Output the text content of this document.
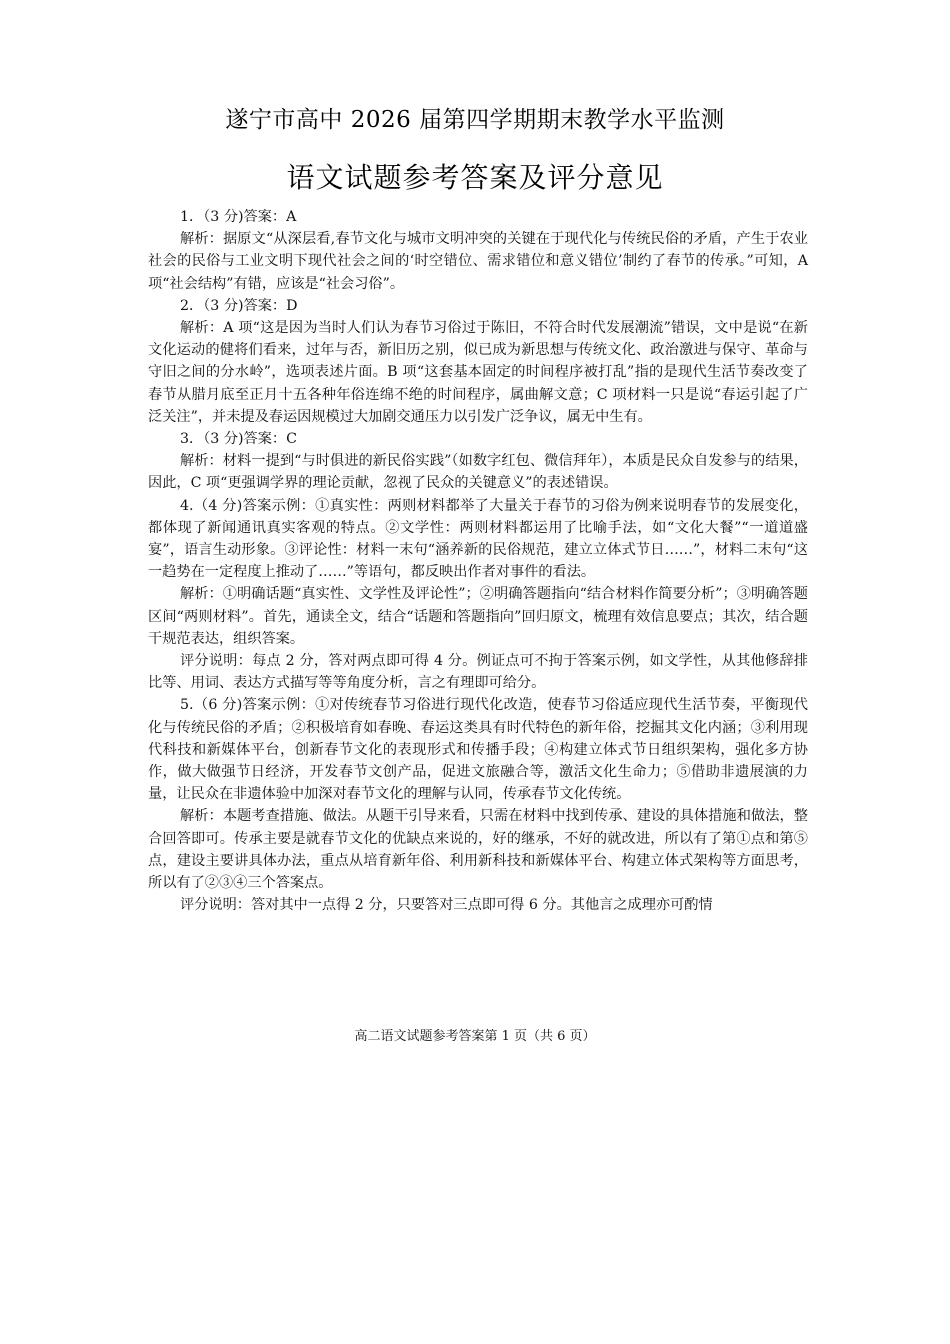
遂宁市高中 2026 届第四学期期末教学水平监测
语文试题参考答案及评分意见

1．（3 分)答案：A

解析：据原文“从深层看,春节文化与城市文明冲突的关键在于现代化与传统民俗的矛盾，产生于农业社会的民俗与工业文明下现代社会之间的‘时空错位、需求错位和意义错位’制约了春节的传承。”可知，A 项“社会结构”有错，应该是“社会习俗”。

2．（3 分)答案：D

解析：A 项“这是因为当时人们认为春节习俗过于陈旧，不符合时代发展潮流”错误，文中是说“在新文化运动的健将们看来，过年与否，新旧历之别，似已成为新思想与传统文化、政治激进与保守、革命与守旧之间的分水岭”，选项表述片面。B 项“这套基本固定的时间程序被打乱”指的是现代生活节奏改变了春节从腊月底至正月十五各种年俗连绵不绝的时间程序，属曲解文意；C 项材料一只是说“春运引起了广泛关注”，并未提及春运因规模过大加剧交通压力以引发广泛争议，属无中生有。

3．（3 分)答案：C

解析：材料一提到“与时俱进的新民俗实践”（如数字红包、微信拜年），本质是民众自发参与的结果，因此，C 项“更强调学界的理论贡献，忽视了民众的关键意义”的表述错误。

4.（4 分)答案示例：①真实性：两则材料都举了大量关于春节的习俗为例来说明春节的发展变化，都体现了新闻通讯真实客观的特点。②文学性：两则材料都运用了比喻手法，如“文化大餐”“一道道盛宴”，语言生动形象。③评论性：材料一末句“涵养新的民俗规范，建立立体式节日……”，材料二末句“这一趋势在一定程度上推动了……”等语句，都反映出作者对事件的看法。

解析：①明确话题“真实性、文学性及评论性”；②明确答题指向“结合材料作简要分析”；③明确答题区间“两则材料”。首先，通读全文，结合“话题和答题指向”回归原文，梳理有效信息要点；其次，结合题干规范表达，组织答案。

评分说明：每点 2 分，答对两点即可得 4 分。例证点可不拘于答案示例，如文学性，从其他修辞排比等、用词、表达方式描写等等角度分析，言之有理即可给分。

5.（6 分)答案示例：①对传统春节习俗进行现代化改造，使春节习俗适应现代生活节奏，平衡现代化与传统民俗的矛盾；②积极培育如春晚、春运这类具有时代特色的新年俗，挖掘其文化内涵；③利用现代科技和新媒体平台，创新春节文化的表现形式和传播手段；④构建立体式节日组织架构，强化多方协作，做大做强节日经济，开发春节文创产品，促进文旅融合等，激活文化生命力；⑤借助非遗展演的力量，让民众在非遗体验中加深对春节文化的理解与认同，传承春节文化传统。

解析：本题考查措施、做法。从题干引导来看，只需在材料中找到传承、建设的具体措施和做法，整合回答即可。传承主要是就春节文化的优缺点来说的，好的继承，不好的就改进，所以有了第①点和第⑤点，建设主要讲具体办法，重点从培育新年俗、利用新科技和新媒体平台、构建立体式架构等方面思考，所以有了②③④三个答案点。

评分说明：答对其中一点得 2 分，只要答对三点即可得 6 分。其他言之成理亦可酌情

高二语文试题参考答案第 1 页（共 6 页）
